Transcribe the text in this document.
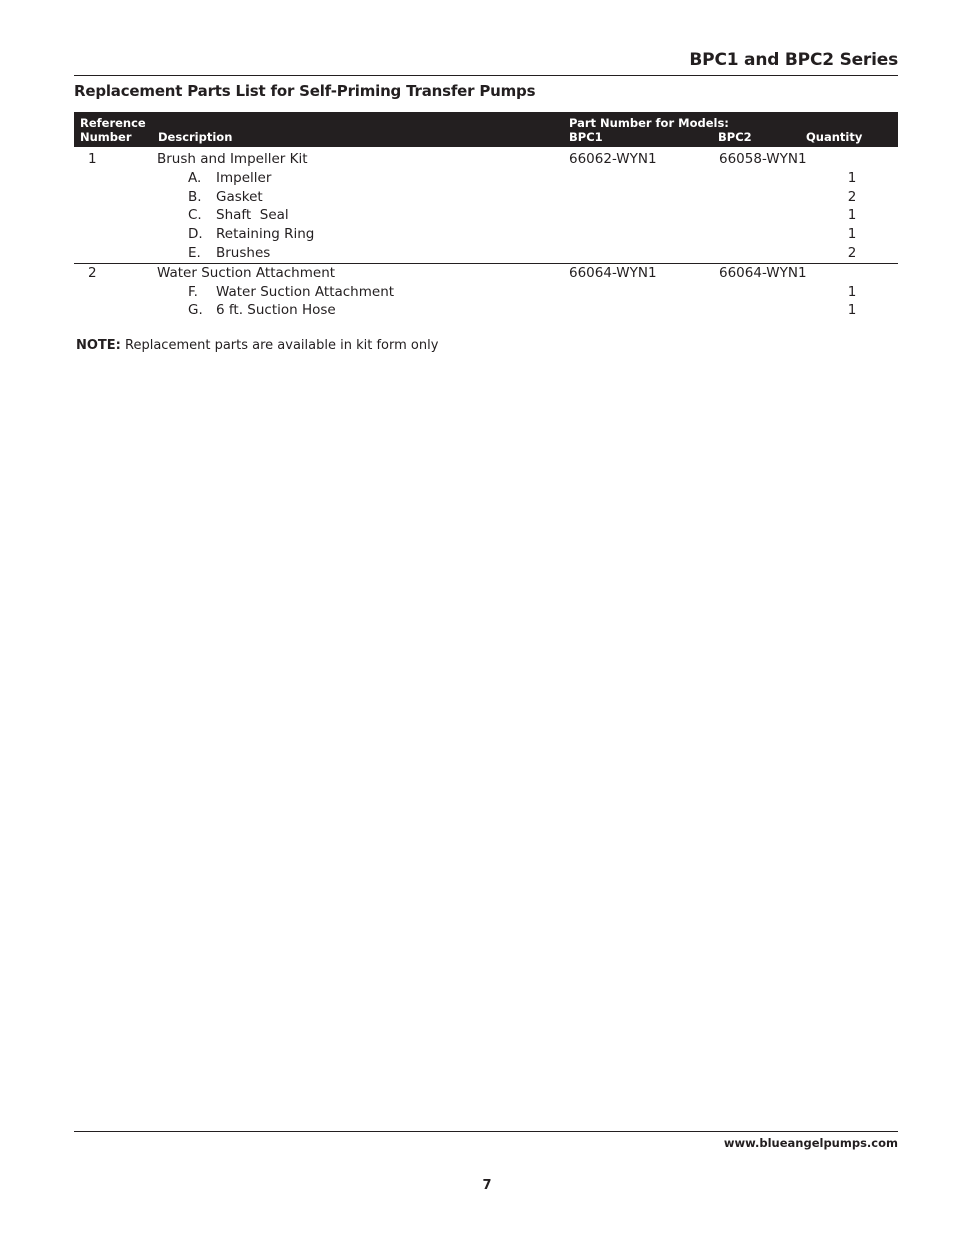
BPC1 and BPC2 Series
Replacement Parts List for Self-Priming Transfer Pumps
Reference
Number	Description
Part Number for Models:
BPC1	BPC2	Quantity
1	Brush and Impeller Kit	66062-WYN1	66058-WYN1
A. Impeller	1
B. Gasket	2
C. Shaft  Seal	1
D. Retaining Ring	1
E. Brushes	2
2	Water Suction Attachment	66064-WYN1	66064-WYN1
F. Water Suction Attachment	1
G. 6 ft. Suction Hose	1
NOTE: Replacement parts are available in kit form only
www.blueangelpumps.com
7
